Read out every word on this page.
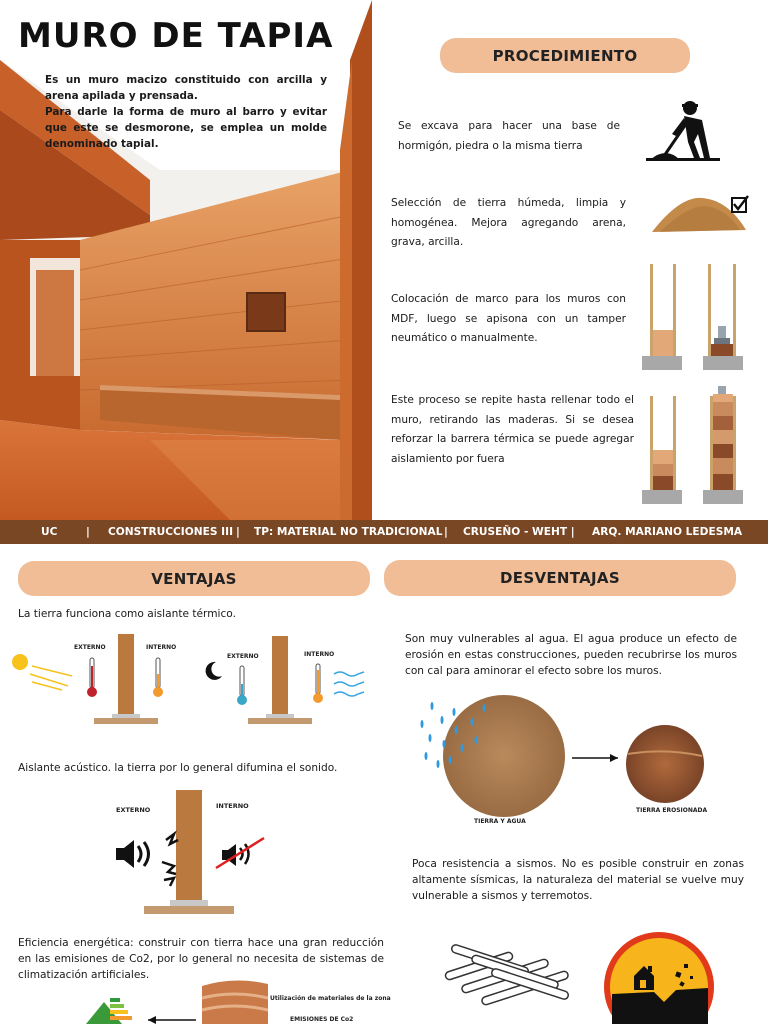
MURO DE TAPIA

Es un muro macizo constituido con arcilla y arena apilada y prensada.

Para darle la forma de muro al barro y evitar que este se desmorone, se emplea un molde denominado tapial.

PROCEDIMIENTO
Se excava para hacer una base de hormigón, piedra o la misma tierra
Selección de tierra húmeda, limpia y homogénea. Mejora agregando arena, grava, arcilla.
Colocación de marco para los muros con MDF, luego se apisona con un tamper neumático o manualmente.
Este proceso se repite hasta rellenar todo el muro, retirando las maderas. Si se desea reforzar la barrera térmica se puede agregar aislamiento por fuera
UC	| CONSTRUCCIONES III | TP: MATERIAL NO TRADICIONAL | CRUSEÑO - WEHT | ARQ. MARIANO LEDESMA
VENTAJAS
La tierra funciona como aislante térmico.
EXTERNO	INTERNO
EXTERNO	INTERNO
Aislante acústico. la tierra por lo general difumina el sonido.
EXTERNO	INTERNO
Eficiencia energética: construir con tierra hace una gran reducción en las emisiones de Co2, por lo general no necesita de sistemas de climatización artificiales.
Utilización de materiales de la zona
EMISIONES DE Co2
DESVENTAJAS
Son muy vulnerables al agua. El agua produce un efecto de erosión en estas construcciones, pueden recubrirse los muros con cal para aminorar el efecto sobre los muros.
TIERRA Y AGUA
TIERRA EROSIONADA
Poca resistencia a sismos. No es posible construir en zonas altamente sísmicas, la naturaleza del material se vuelve muy vulnerable a sismos y terremotos.
